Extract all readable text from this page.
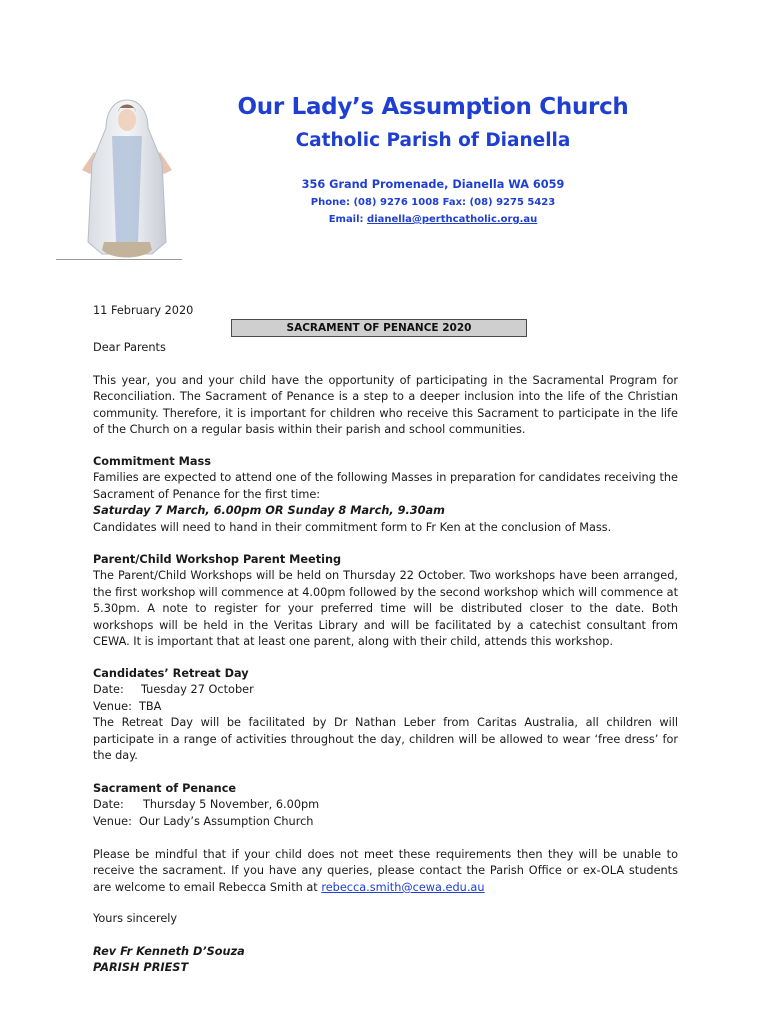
Our Lady’s Assumption Church
Catholic Parish of Dianella
356 Grand Promenade, Dianella WA 6059
Phone: (08) 9276 1008 Fax: (08) 9275 5423
Email: dianella@perthcatholic.org.au
11 February 2020
SACRAMENT OF PENANCE 2020
Dear Parents
This year, you and your child have the opportunity of participating in the Sacramental Program for Reconciliation. The Sacrament of Penance is a step to a deeper inclusion into the life of the Christian community. Therefore, it is important for children who receive this Sacrament to participate in the life of the Church on a regular basis within their parish and school communities.
Commitment Mass
Families are expected to attend one of the following Masses in preparation for candidates receiving the Sacrament of Penance for the first time:
Saturday 7 March, 6.00pm OR Sunday 8 March, 9.30am
Candidates will need to hand in their commitment form to Fr Ken at the conclusion of Mass.
Parent/Child Workshop Parent Meeting
The Parent/Child Workshops will be held on Thursday 22 October. Two workshops have been arranged, the first workshop will commence at 4.00pm followed by the second workshop which will commence at 5.30pm. A note to register for your preferred time will be distributed closer to the date. Both workshops will be held in the Veritas Library and will be facilitated by a catechist consultant from CEWA. It is important that at least one parent, along with their child, attends this workshop.
Candidates’ Retreat Day
Date: Tuesday 27 October
Venue: TBA
The Retreat Day will be facilitated by Dr Nathan Leber from Caritas Australia, all children will participate in a range of activities throughout the day, children will be allowed to wear ‘free dress’ for the day.
Sacrament of Penance
Date: Thursday 5 November, 6.00pm
Venue: Our Lady’s Assumption Church
Please be mindful that if your child does not meet these requirements then they will be unable to receive the sacrament. If you have any queries, please contact the Parish Office or ex-OLA students are welcome to email Rebecca Smith at rebecca.smith@cewa.edu.au
Yours sincerely
Rev Fr Kenneth D’Souza
PARISH PRIEST
